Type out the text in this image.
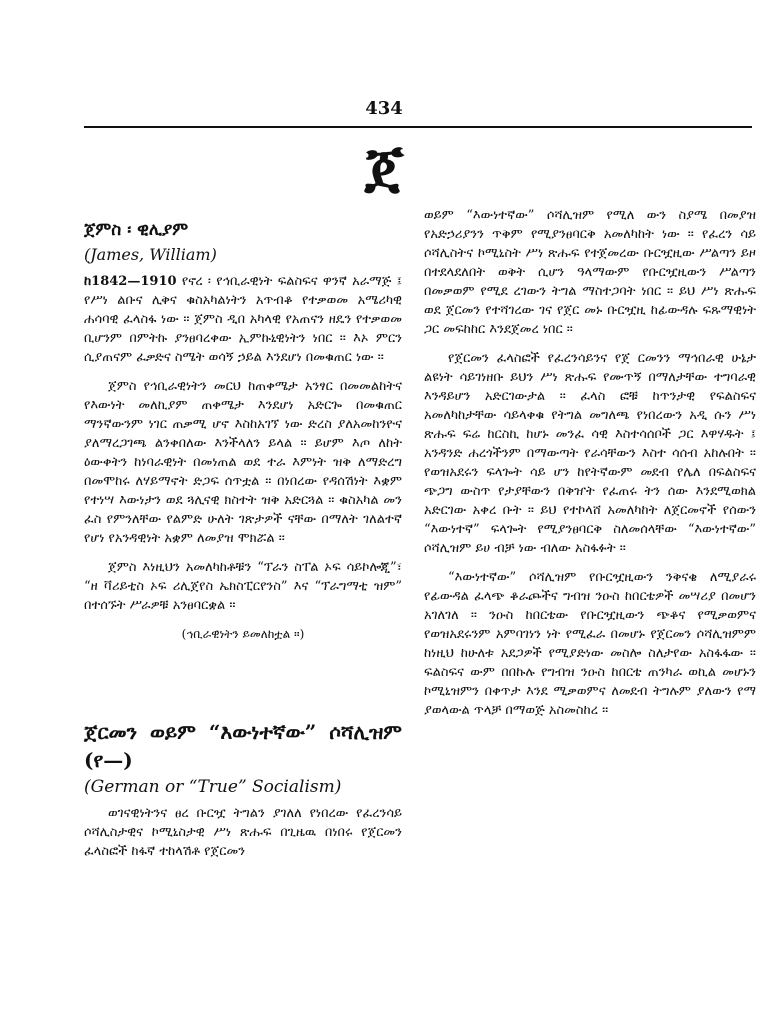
434
ጀ
ጀምስ ፡ ዊሊያም
(James, William)

ከ1842—1910 የኖረ ፡ የኅቢራዊነት ፍልስፍና ዋንኛ አራማጅ ፤ የሥነ ልቡና ሊቅና ቁስአካልነትን አጥብቆ የተቃወመ አሜሪካዊ ሐሳባዊ ፈላስፋ ነው ። ጀምስ ዲበ አካላዊ የአጠናን ዘዴን የተቃወመ ቢሆንም በምትኩ ያንፀባረቀው ኢምኩኒዊነትን ነበር ። እኦ ምርን ሲያጠናም ፈቃድና ስሜት ወሳኝ ኃይል እንደሆነ በመቁጠር ነው ።

ጀምስ የኅቢራዊነትን መርህ ከጠቀሜታ አንፃር በመመልከትና የእውነት መለኪያም ጠቀሜታ እንደሆነ አድርጐ በመቁጠር ማንኛውንም ነገር ጠቃሚ ሆኖ እስከአገኘ ነው ድረስ ያለአመከንዮና ያለማረጋገጫ ልንቀበለው እንችላለን ይላል ። ይሆም እጦ ለከት ዕውቀትን ከነባራዊነት በመነጠል ወደ ተራ እምነት ዝቅ ለማድረግ በመሞከሩ ለሃይማኖት ድጋፍ ሰጥቷል ። በነበረው የዳሰሽነት እቋም የተነሣ እውነታን ወደ ጓሊናዊ ክስተት ዝቅ አድርጓል ። ቁስአካል መን ፈስ የምንለቸው የልምድ ሁለት ገጽታዎች ናቸው በማለት ገለልተኛ የሆነ የአንዳዊነት አቋም ለመያዝ ሞክሯል ።

ጀምስ እነዚህን አመለካከቶቹን “ፕራን ስፐል ኦፍ ሳይኮሎጂ”፣ “ዘ ቫሪይቲስ ኦፍ ሪሊጀየስ ኤክስፒርየንስ” እና “ፕራግማቲ ዝም” በተሰኙት ሥራዎቹ አንፀባርቋል ።

(ኅቢራዊነትን ይመለከቷል ።)

ጀርመን ወይም “እውነተኛው” ሶሻሊዝም (የ—)
(German or “True” Socialism)

ወገናዊነትንና ፀረ ቡርዧ ትግልን ያገለለ የነበረው የፈረንሳይ ሶሻሊስታዊና ኮሚኒስታዊ ሥነ ጽሑፍ በጊዜዉ በነበሩ የጀርመን ፈላስፎች ከፋኛ ተከላሽቶ የጀርመን

ወይም “እውነተኛው” ሶሻሊዝም የሚለ ውን ስያሜ በመያዝ የአድኃሪያንን ጥቅም የሚያንፀባርቅ አመለካከት ነው ። የፈረን ሳይ ሶሻሊስትና ኮሚኒስት ሥነ ጽሑፍ የተጀመረው ቡርዧዚው ሥልጣን ይዞ በተደላደለበት ወቅት ሲሆን ዓላማውም የቡርዧዚውን ሥልጣን በመቃወም የሚደ ረገውን ትግል ማስተጋባት ነበር ። ይህ ሥነ ጽሑፍ ወደ ጀርመን የተሻገረው ገና የጀር መኑ ቡርዧዚ ከፊውዳሉ ፍጹማዊነት ጋር መፍከከር እንደጀመረ ነበር ።

የጀርመን ፈላስፎች የፈረንሳይንና የጀ ርመንን ማኅበራዊ ሁኔታ ልዩነት ሳይገነዘቡ ይህን ሥነ ጽሑፍ የሙጥኝ በማለታቸው ተግባራዊ እንዳይሆን አድርገውታል ። ፈላስ ፎቹ ከጥንታዊ የፍልስፍና አመለካከታቸው ሳይላቀቁ የትግል መግለጫ የነበረውን አዲ ሱን ሥነ ጽሑፍ ፍሬ ከርስኪ ከሆኑ መንፈ ሳዊ እስተሳሰቦች ጋር እዋሃዱት ፤ አንዳንድ ሐረጎችንም በማውጣት የራሳቸውን እስተ ሳሰብ አከሉበት ። የወዝአደሩን ፍላጐት ሳይ ሆን ከየትኛውም መደብ የሌለ በፍልስፍና ጭጋግ ውስጥ የታያቸውን በቅዠት የፈጠሩ ትን ሰው እንደሚወክል አድርገው አቀረ ቡት ። ይህ የተኮላሸ አመለካከት ለጀርመኖች የሰውን “እውነተኛ” ፍላጐት የሚያንፀባርቅ ስለመሰላቸው “እውነተኛው” ሶሻሊዝም ይሀ ብቻ ነው ብለው አስፋፉት ።

“እውነተኛው” ሶሻሊዝም የቡርዧዚውን ንቅናቄ ለሚያራሩ የፊውዳል ፈላጭ ቆራጮችና ግብዝ ንዑስ ከበርቴዎች መሣሪያ በመሆን አገለገለ ። ንዑስ ከበርቴው የቡርዧዚውን ጭቆና የሚቃወምና የወዝአደሩንም አምባገነን ነት የሚፈራ በመሆኑ የጀርመን ሶሻሊዝምም ከነዚህ ከሁለቱ አደጋዎች የሚያድነው መስሎ ስለታየው አስፋፋው ። ፍልስፍና ውም በበኩሉ የግብዝ ንዑስ ከበርቴ ጠንካራ ወኪል መሆኑን ኮሚኒዝምን በቀጥታ እንደ ሚቃወምና ለመደብ ትግሉም ያለውን የማ ያወላውል ጥላቻ በማወጅ አስመስከረ ።
